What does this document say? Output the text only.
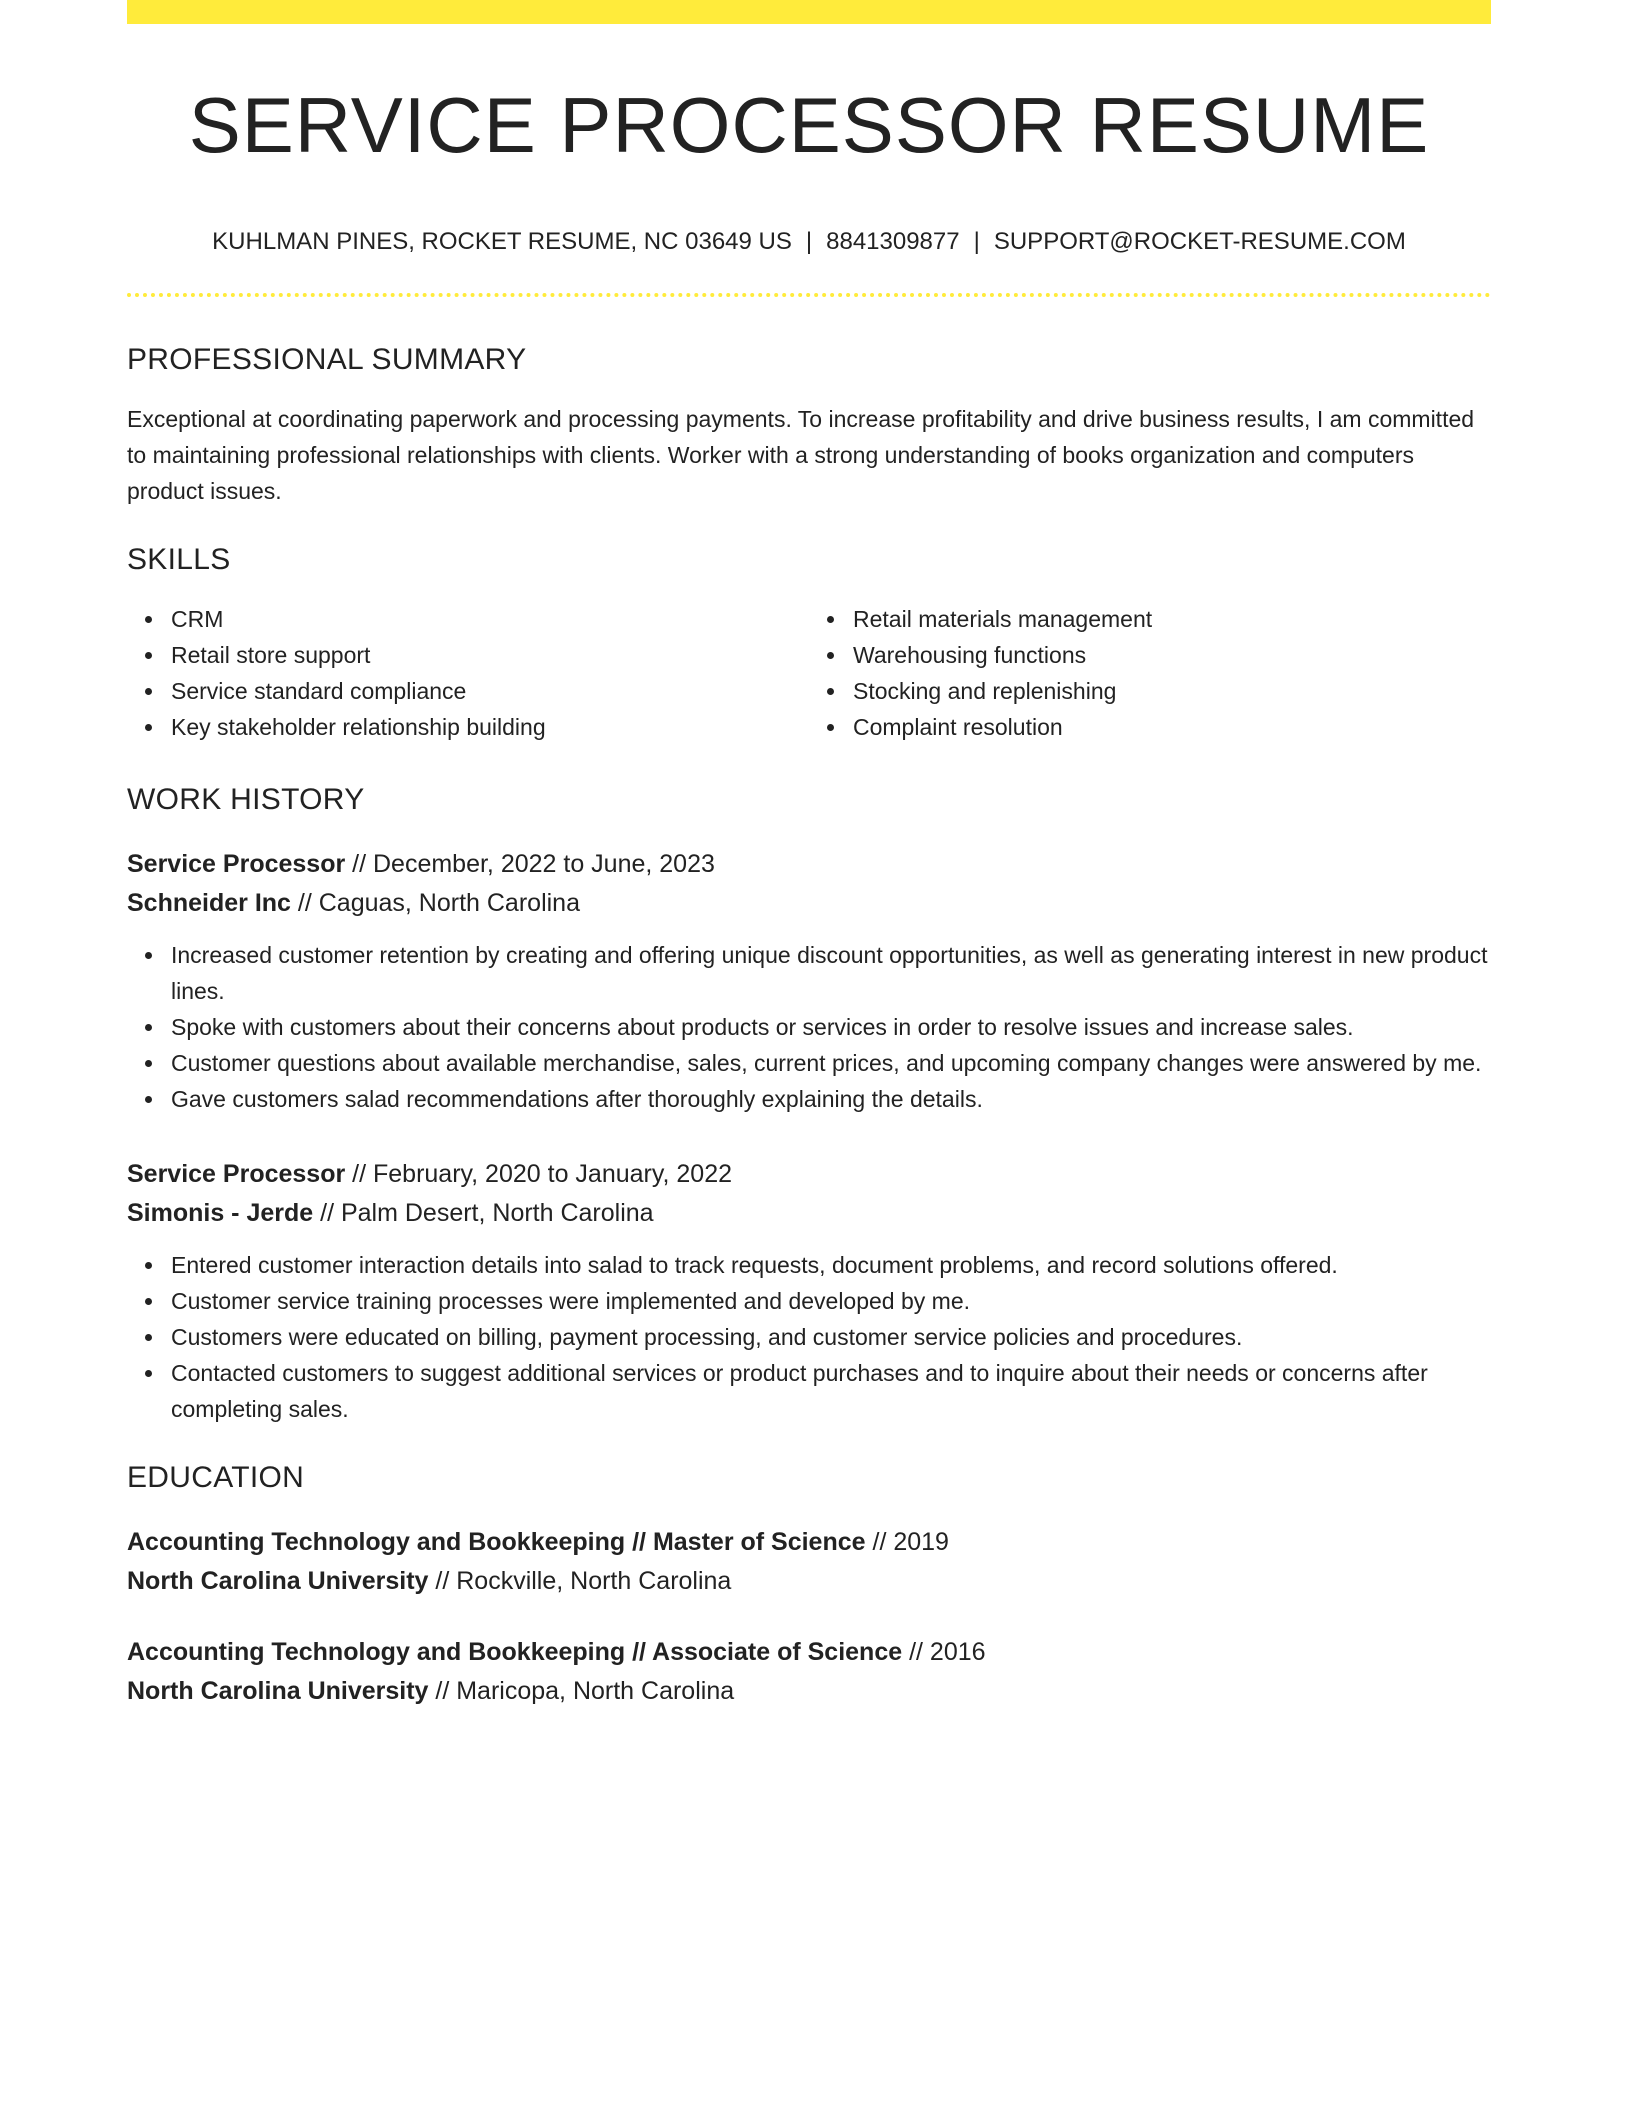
SERVICE PROCESSOR RESUME
KUHLMAN PINES, ROCKET RESUME, NC 03649 US | 8841309877 | SUPPORT@ROCKET-RESUME.COM
PROFESSIONAL SUMMARY
Exceptional at coordinating paperwork and processing payments. To increase profitability and drive business results, I am committed to maintaining professional relationships with clients. Worker with a strong understanding of books organization and computers product issues.
SKILLS
CRM
Retail store support
Service standard compliance
Key stakeholder relationship building
Retail materials management
Warehousing functions
Stocking and replenishing
Complaint resolution
WORK HISTORY
Service Processor // December, 2022 to June, 2023
Schneider Inc // Caguas, North Carolina
Increased customer retention by creating and offering unique discount opportunities, as well as generating interest in new product lines.
Spoke with customers about their concerns about products or services in order to resolve issues and increase sales.
Customer questions about available merchandise, sales, current prices, and upcoming company changes were answered by me.
Gave customers salad recommendations after thoroughly explaining the details.
Service Processor // February, 2020 to January, 2022
Simonis - Jerde // Palm Desert, North Carolina
Entered customer interaction details into salad to track requests, document problems, and record solutions offered.
Customer service training processes were implemented and developed by me.
Customers were educated on billing, payment processing, and customer service policies and procedures.
Contacted customers to suggest additional services or product purchases and to inquire about their needs or concerns after completing sales.
EDUCATION
Accounting Technology and Bookkeeping // Master of Science // 2019
North Carolina University // Rockville, North Carolina
Accounting Technology and Bookkeeping // Associate of Science // 2016
North Carolina University // Maricopa, North Carolina
